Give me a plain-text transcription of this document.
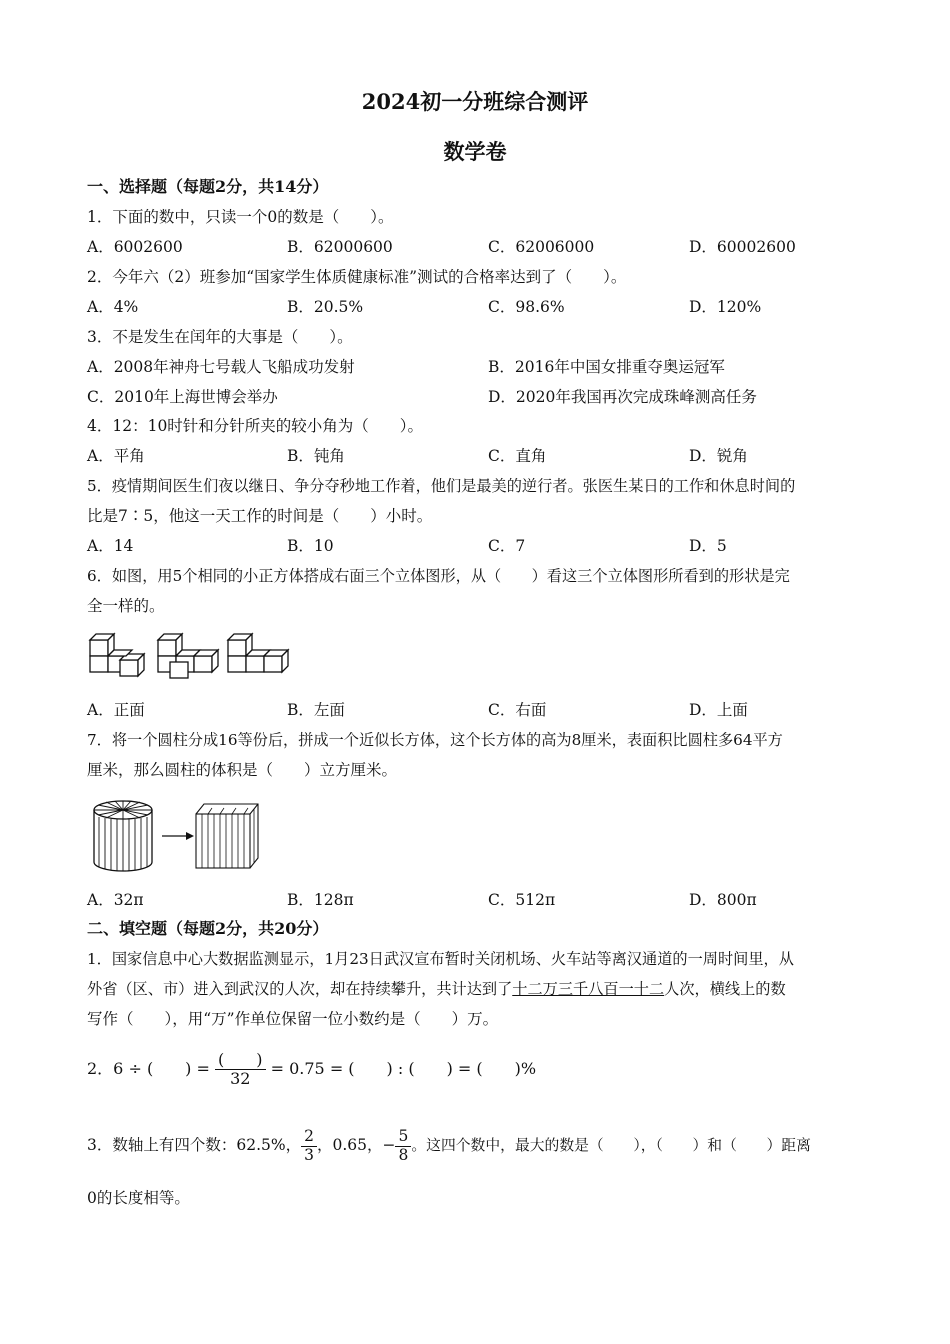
2024初一分班综合测评
数学卷
一、选择题（每题2分，共14分）
1．下面的数中，只读一个0的数是（　　）。
A．6002600	B．62000600	C．62006000	D．60002600
2．今年六（2）班参加“国家学生体质健康标准”测试的合格率达到了（　　）。
A．4%	B．20.5%	C．98.6%	D．120%
3．不是发生在闰年的大事是（　　）。
A．2008年神舟七号载人飞船成功发射	B．2016年中国女排重夺奥运冠军
C．2010年上海世博会举办	D．2020年我国再次完成珠峰测高任务
4．12：10时针和分针所夹的较小角为（　　）。
A．平角	B．钝角	C．直角	D．锐角
5．疫情期间医生们夜以继日、争分夺秒地工作着，他们是最美的逆行者。张医生某日的工作和休息时间的
比是7∶5，他这一天工作的时间是（　　）小时。
A．14	B．10	C．7	D．5
6．如图，用5个相同的小正方体搭成右面三个立体图形，从（　　）看这三个立体图形所看到的形状是完
全一样的。
A．正面	B．左面	C．右面	D．上面
7．将一个圆柱分成16等份后，拼成一个近似长方体，这个长方体的高为8厘米，表面积比圆柱多64平方
厘米，那么圆柱的体积是（　　）立方厘米。
A．32π	B．128π	C．512π	D．800π
二、填空题（每题2分，共20分）
1．国家信息中心大数据监测显示，1月23日武汉宣布暂时关闭机场、火车站等离汉通道的一周时间里，从
外省（区、市）进入到武汉的人次，却在持续攀升，共计达到了十二万三千八百一十二人次，横线上的数
写作（　　），用“万”作单位保留一位小数约是（　　）万。
2．6 ÷ (　　) = $\frac{( )}{32} = 0.75$ = (　　) : (　　) = (　　)%
3．数轴上有四个数：62.5%， $\frac{2}{3}$ ，0.65，− $\frac{5}{8}$ 。这四个数中，最大的数是（　　），（　　）和（　　）距离
0的长度相等。
